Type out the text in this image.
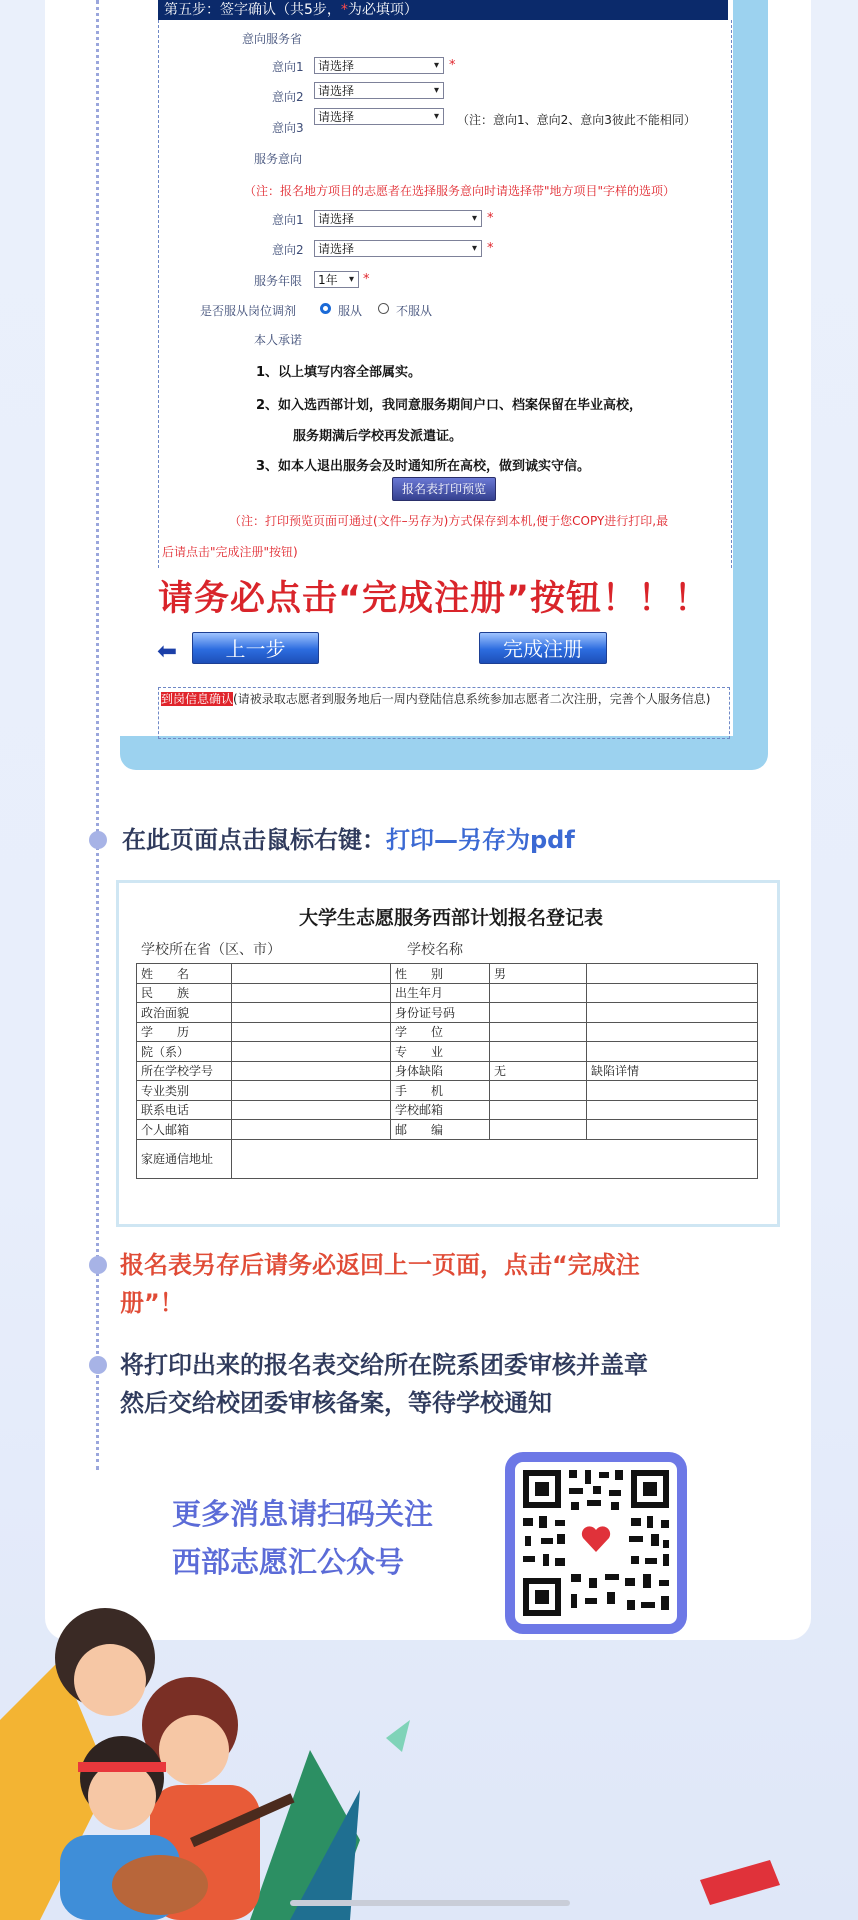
第五步：签字确认（共5步，*为必填项）
意向服务省
意向1	请选择	▾ *
意向2	请选择	▾
意向3
请选择	▾ （注：意向1、意向2、意向3彼此不能相同）
服务意向
（注：报名地方项目的志愿者在选择服务意向时请选择带"地方项目"字样的选项）
意向1	请选择	▾ *
意向2	请选择	▾ *
服务年限	1年 ▾ *
是否服从岗位调剂	服从	不服从
本人承诺
1、以上填写内容全部属实。
2、如入选西部计划，我同意服务期间户口、档案保留在毕业高校，
服务期满后学校再发派遣证。
3、如本人退出服务会及时通知所在高校，做到诚实守信。
报名表打印预览
（注：打印预览页面可通过(文件–另存为)方式保存到本机,便于您COPY进行打印,最
后请点击"完成注册"按钮)
请务必点击“完成注册”按钮！！！
⬅	上一步	完成注册
到岗信息确认(请被录取志愿者到服务地后一周内登陆信息系统参加志愿者二次注册，完善个人服务信息)
在此页面点击鼠标右键：打印—另存为pdf
大学生志愿服务西部计划报名登记表
学校所在省（区、市）	学校名称
姓　　名		性　　别	男	
民　　族		出生年月		
政治面貌		身份证号码		
学　　历		学　　位		
院（系）		专　　业		
所在学校学号		身体缺陷	无	缺陷详情
专业类别		手　　机		
联系电话		学校邮箱		
个人邮箱		邮　　编		
家庭通信地址				
报名表另存后请务必返回上一页面，点击“完成注
册”！
将打印出来的报名表交给所在院系团委审核并盖章
然后交给校团委审核备案，等待学校通知
更多消息请扫码关注
西部志愿汇公众号
